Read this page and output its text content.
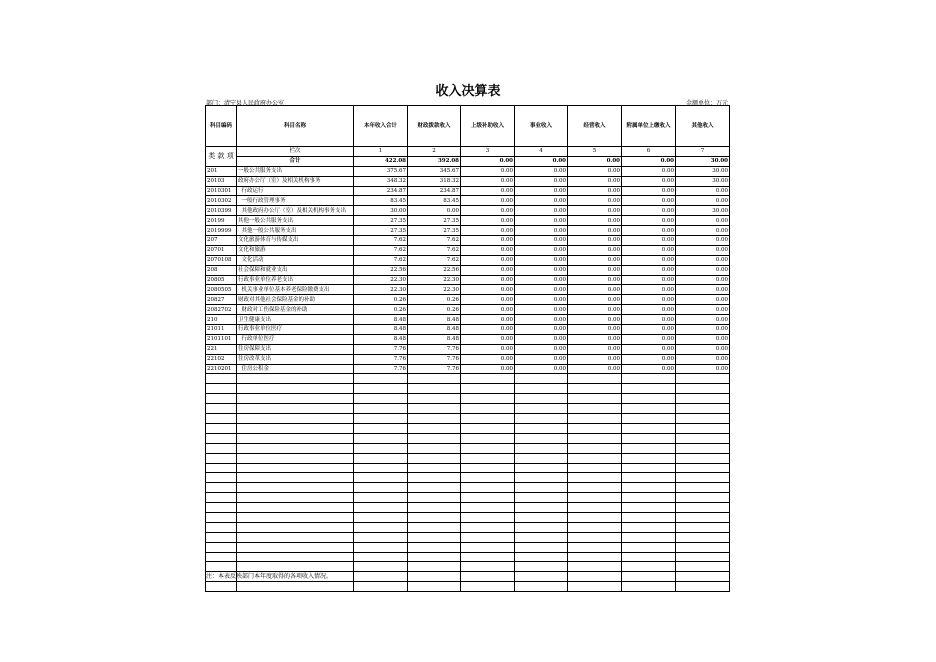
收入决算表
部门：清宁县人民政府办公室	金额单位：万元
科目编码	科目名称	本年收入合计	财政拨款收入	上级补助收入	事业收入	经营收入	附属单位上缴收入	其他收入
类 款 项	栏次	1	2	3	4	5	6	7
	合计	422.08	392.08	0.00	0.00	0.00	0.00	30.00
201	一般公共服务支出	375.67	345.67	0.00	0.00	0.00	0.00	30.00
20103	政府办公厅（室）及相关机构事务	348.32	318.32	0.00	0.00	0.00	0.00	30.00
2010301	行政运行	234.87	234.87	0.00	0.00	0.00	0.00	0.00
2010302	一般行政管理事务	83.45	83.45	0.00	0.00	0.00	0.00	0.00
2010399	其他政府办公厅（室）及相关机构事务支出	30.00	0.00	0.00	0.00	0.00	0.00	30.00
20199	其他一般公共服务支出	27.35	27.35	0.00	0.00	0.00	0.00	0.00
2019999	其他一般公共服务支出	27.35	27.35	0.00	0.00	0.00	0.00	0.00
207	文化旅游体育与传媒支出	7.62	7.62	0.00	0.00	0.00	0.00	0.00
20701	文化和旅游	7.62	7.62	0.00	0.00	0.00	0.00	0.00
2070108	文化活动	7.62	7.62	0.00	0.00	0.00	0.00	0.00
208	社会保障和就业支出	22.56	22.56	0.00	0.00	0.00	0.00	0.00
20805	行政事业单位养老支出	22.30	22.30	0.00	0.00	0.00	0.00	0.00
2080505	机关事业单位基本养老保险缴费支出	22.30	22.30	0.00	0.00	0.00	0.00	0.00
20827	财政对其他社会保险基金的补助	0.26	0.26	0.00	0.00	0.00	0.00	0.00
2082702	财政对工伤保险基金的补助	0.26	0.26	0.00	0.00	0.00	0.00	0.00
210	卫生健康支出	8.48	8.48	0.00	0.00	0.00	0.00	0.00
21011	行政事业单位医疗	8.48	8.48	0.00	0.00	0.00	0.00	0.00
2101101	行政单位医疗	8.48	8.48	0.00	0.00	0.00	0.00	0.00
221	住房保障支出	7.76	7.76	0.00	0.00	0.00	0.00	0.00
22102	住房改革支出	7.76	7.76	0.00	0.00	0.00	0.00	0.00
2210201	住房公积金	7.76	7.76	0.00	0.00	0.00	0.00	0.00

注：本表反映部门本年度取得的各项收入情况。
